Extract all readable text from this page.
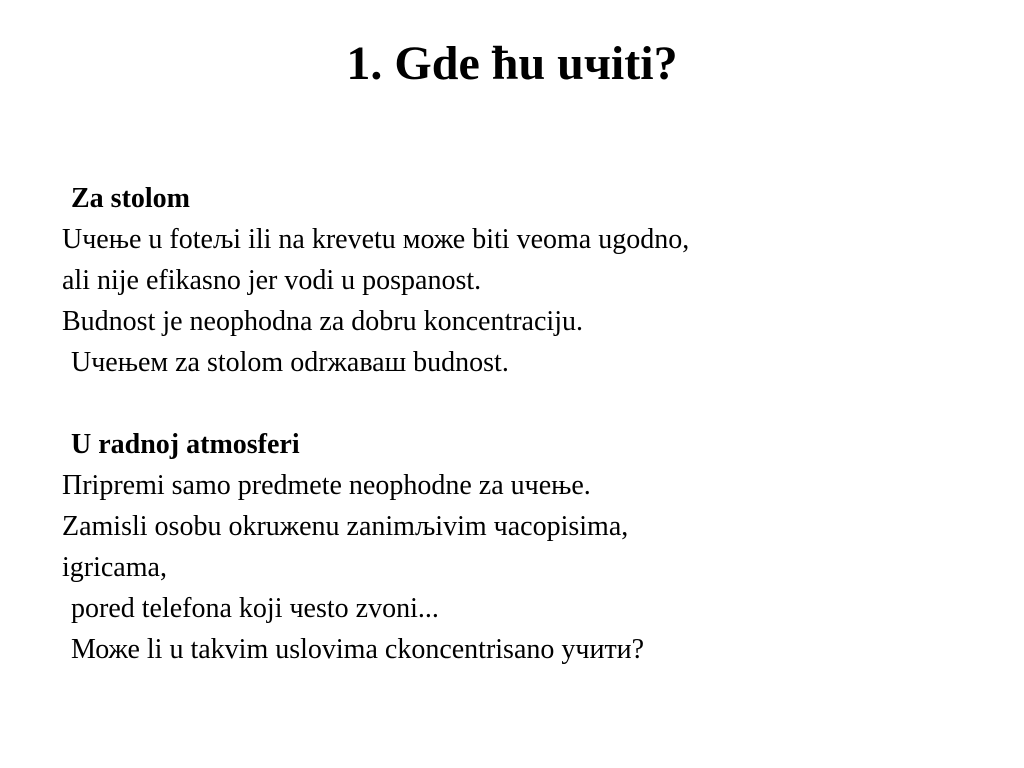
1. Gde ћu uчiti?
Za stolom
Uчење u foteљi ili na krevetu може biti veoma ugodno,
ali nije efikasno jer vodi u pospanost.
Budnost je neophodna za dobru koncentraciju.
Uчењем za stolom odrжаваш budnost.
U radnoj atmosferi
Пripremi samo predmete neophodne za uчење.
Zamisli osobu okruжenu zanimљivim часоpisima,
igricama,
pored telefona koji чesto zvoni...
Може li u takvim uslovima сkoncentrisano учити?
